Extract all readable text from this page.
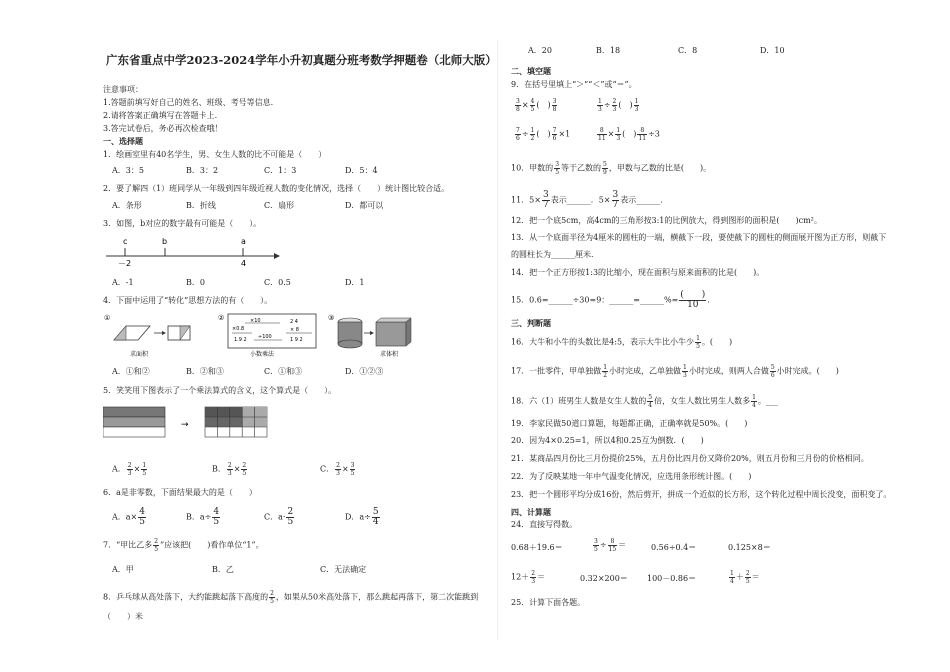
广东省重点中学2023-2024学年小升初真题分班考数学押题卷（北师大版）
注意事项：
1.答题前填写好自己的姓名、班级、考号等信息.
2.请将答案正确填写在答题卡上.
3.答完试卷后，务必再次检查哦！
一、选择题
1．绘画室里有40名学生，男、女生人数的比不可能是（　　）
A．3：5	B．3：2	C．1：3	D．5：4
2．要了解四（1）班同学从一年级到四年级近视人数的变化情况，选择（　　）统计图比较合适。
A．条形	B．折线	C．扇形	D．都可以
3．如图，b对应的数字最有可能是（　　）。
c	b	a
－2	4
A．-1	B．0	C．0.5	D．1
4．下面中运用了“转化”思想方法的有（　　）。
①
求面积
②	×10	2 4
×0.8	× 8
1.9 2 ÷100	1 9 2
小数乘法
③
求体积
A．①和②	B．②和③	C．①和③	D．①②③
5．笑笑用下图表示了一个乘法算式的含义，这个算式是（　　）。
→
A． $\frac{2}{3} \times \frac{1}{5}$	B． $\frac{2}{3} \times \frac{2}{5}$	C． $\frac{2}{3} \times \frac{3}{5}$
6．a是非零数，下面结果最大的是（　　）
A．$a\times \frac{4}{5}$	B．$a\div \frac{4}{5}$	C．$a\cdot \frac{2}{5}$	D．$a\div \frac{5}{4}$
7．“甲比乙多 $\frac{2}{5}$ ”应该把(　　)看作单位“1”。
A．甲	B．乙	C．无法确定
8．乒乓球从高处落下，大约能跳起落下高度的 $\frac{2}{5}$ ，如果从50米高处落下，那么跳起再落下，第二次能跳到
（　　）米
A．20	B．18	C．8	D．10
二、填空题
9．在括号里填上“＞”“＜”或“＝”。
$\frac{3}{8} \times \frac{4}{5}$ (　) $\frac{3}{8}$	$\frac{1}{3} \div \frac{2}{3}$ (　) $\frac{1}{3}$
$\frac{7}{6} \div \frac{1}{2}$ (　) $\frac{7}{6} \times 1$	$\frac{8}{11} \times \frac{1}{3}$ (　) $\frac{8}{11} \div 3$
10．甲数的 $\frac{3}{5}$ 等于乙数的 $\frac{5}{9}$ ，甲数与乙数的比是(　　)。
11．$5\times \frac{3}{7}$ 表示______．$5\times \frac{3}{7}$ 表示______．
12．把一个底5cm，高4cm的三角形按3:1的比例放大，得到图形的面积是(　　)cm²。
13．从一个底面半径为4厘米的圆柱的一端，横截下一段，要使截下的圆柱的侧面展开图为正方形，则截下
的圆柱长为______厘米.
14．把一个正方形按1:3的比缩小，现在面积与原来面积的比是(　　)。
15．0.6=______÷30=9：______=______%= $\frac{( )}{10}$ .
三、判断题
16．大牛和小牛的头数比是4:5，表示大牛比小牛少 $\frac{1}{5}$ 。(　　)
17．一批零件，甲单独做 $\frac{1}{2}$ 小时完成，乙单独做 $\frac{1}{3}$ 小时完成，则两人合做 $\frac{5}{6}$ 小时完成。(　　)
18．六（1）班男生人数是女生人数的 $\frac{5}{4}$ 倍，女生人数比男生人数多 $\frac{1}{4}$ 。___
19．李家民做50道口算题，每题都正确，正确率就是50%。(　　)
20．因为4×0.25=1，所以4和0.25互为倒数．(　　)
21．某商品四月份比三月份提价25%，五月份比四月份又降价20%，则五月份和三月份的价格相同。
22．为了反映某地一年中气温变化情况，应选用条形统计图。(　　)
23．把一个圆形平均分成16份，然后剪开，拼成一个近似的长方形，这个转化过程中周长没变，面积变了。
四、计算题
24．直接写得数。
0.68＋19.6＝	$\frac{3}{5} \div \frac{8}{15}$ ＝	0.56÷0.4＝	0.125×8＝
$12+ \frac{2}{3}$ ＝	0.32×200＝ 100－0.86＝	$\frac{1}{4} + \frac{2}{5}$ ＝
25．计算下面各题。
